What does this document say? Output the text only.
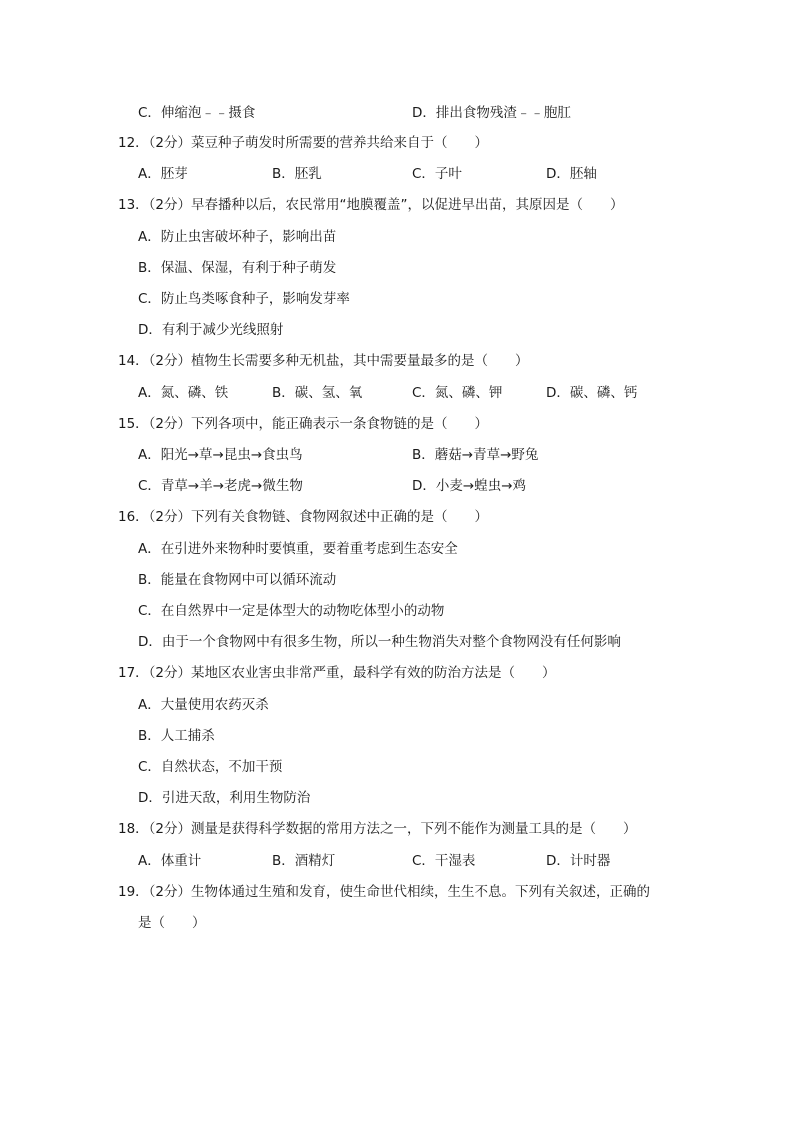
C．伸缩泡﹣﹣摄食	D．排出食物残渣﹣﹣胞肛
12．（2分）菜豆种子萌发时所需要的营养共给来自于（　　）
A．胚芽	B．胚乳	C．子叶	D．胚轴
13．（2分）早春播种以后，农民常用“地膜覆盖”，以促进早出苗，其原因是（　　）
A．防止虫害破坏种子，影响出苗
B．保温、保湿，有利于种子萌发
C．防止鸟类啄食种子，影响发芽率
D．有利于减少光线照射
14．（2分）植物生长需要多种无机盐，其中需要量最多的是（　　）
A．氮、磷、铁	B．碳、氢、氧	C．氮、磷、钾	D．碳、磷、钙
15．（2分）下列各项中，能正确表示一条食物链的是（　　）
A．阳光→草→昆虫→食虫鸟	B．蘑菇→青草→野兔
C．青草→羊→老虎→微生物	D．小麦→蝗虫→鸡
16．（2分）下列有关食物链、食物网叙述中正确的是（　　）
A．在引进外来物种时要慎重，要着重考虑到生态安全
B．能量在食物网中可以循环流动
C．在自然界中一定是体型大的动物吃体型小的动物
D．由于一个食物网中有很多生物，所以一种生物消失对整个食物网没有任何影响
17．（2分）某地区农业害虫非常严重，最科学有效的防治方法是（　　）
A．大量使用农药灭杀
B．人工捕杀
C．自然状态，不加干预
D．引进天敌，利用生物防治
18．（2分）测量是获得科学数据的常用方法之一，下列不能作为测量工具的是（　　）
A．体重计	B．酒精灯	C．干湿表	D．计时器
19．（2分）生物体通过生殖和发育，使生命世代相续，生生不息。下列有关叙述，正确的
是（　　）
